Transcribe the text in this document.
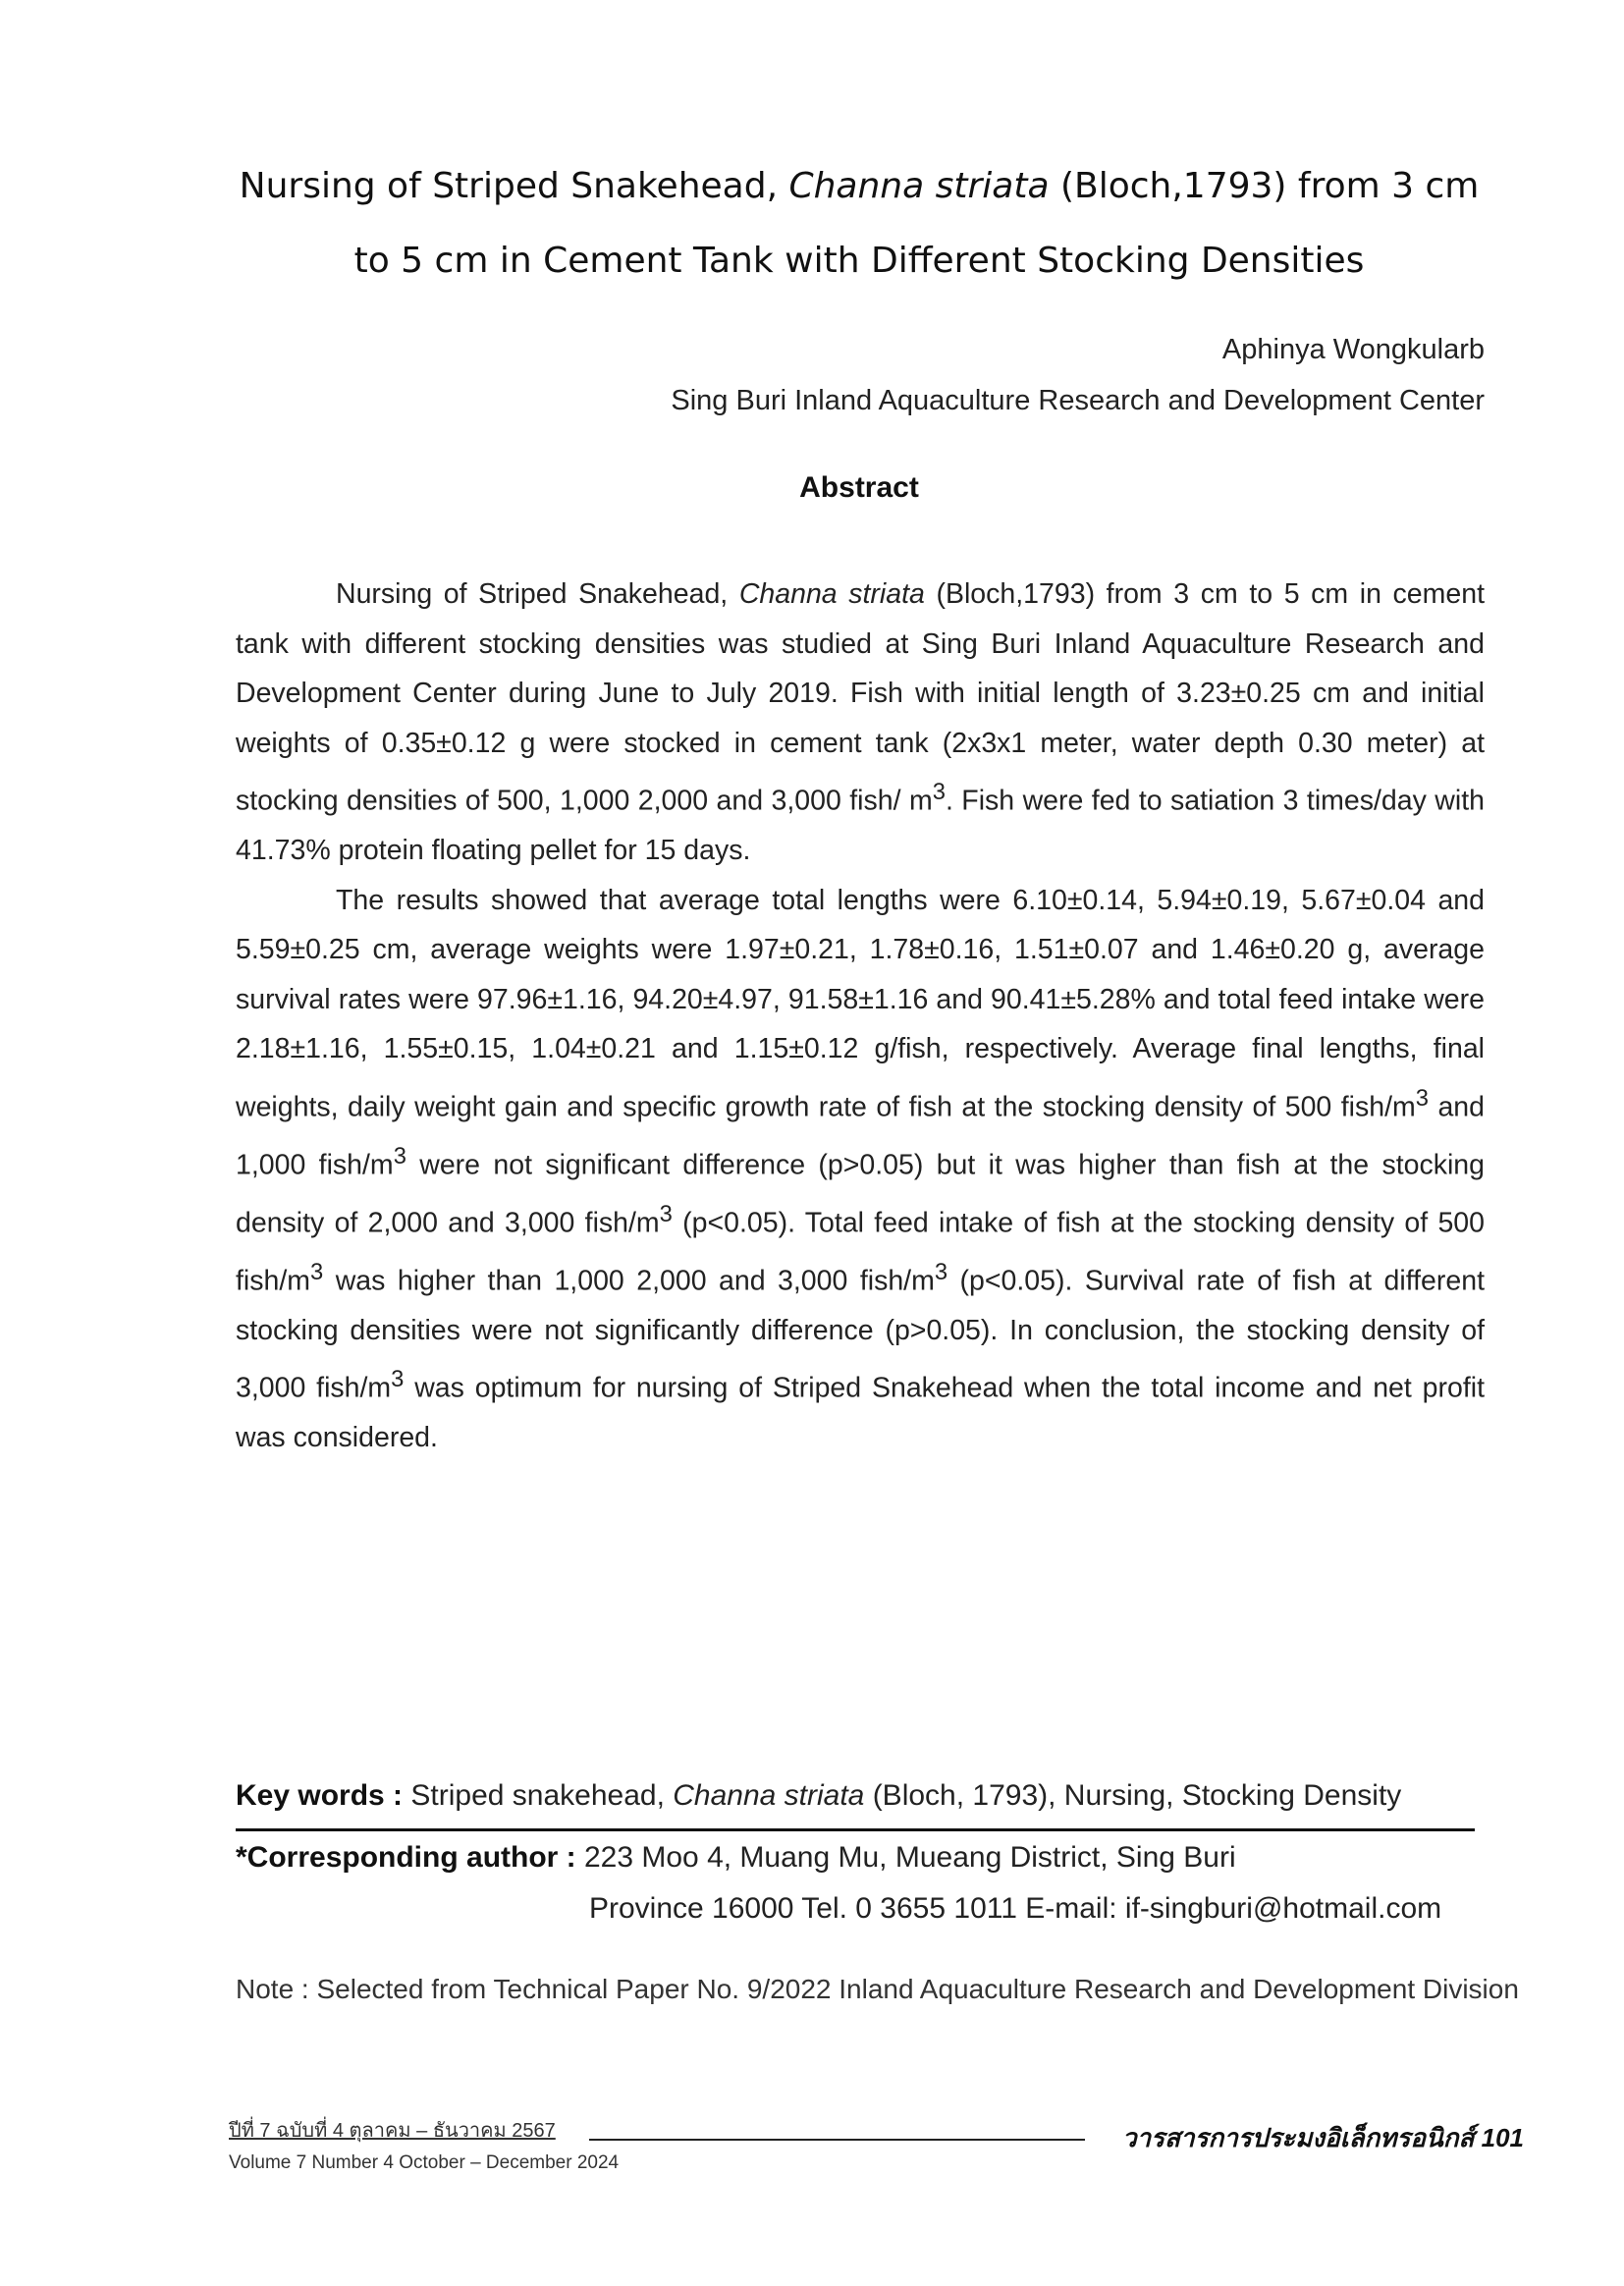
Nursing of Striped Snakehead, Channa striata (Bloch,1793) from 3 cm
to 5 cm in Cement Tank with Different Stocking Densities
Aphinya Wongkularb
Sing Buri Inland Aquaculture Research and Development Center
Abstract

Nursing of Striped Snakehead, Channa striata (Bloch,1793) from 3 cm to 5 cm in cement tank with different stocking densities was studied at Sing Buri Inland Aquaculture Research and Development Center during June to July 2019. Fish with initial length of 3.23±0.25 cm and initial weights of 0.35±0.12 g were stocked in cement tank (2x3x1 meter, water depth 0.30 meter) at stocking densities of 500, 1,000 2,000 and 3,000 fish/ $m^3$. Fish were fed to satiation 3 times/day with 41.73% protein floating pellet for 15 days.

The results showed that average total lengths were 6.10±0.14, 5.94±0.19, 5.67±0.04 and 5.59±0.25 cm, average weights were 1.97±0.21, 1.78±0.16, 1.51±0.07 and 1.46±0.20 g, average survival rates were 97.96±1.16, 94.20±4.97, 91.58±1.16 and 90.41±5.28% and total feed intake were 2.18±1.16, 1.55±0.15, 1.04±0.21 and 1.15±0.12 g/fish, respectively. Average final lengths, final weights, daily weight gain and specific growth rate of fish at the stocking density of 500 fish/$m^3$ and 1,000 fish/$m^3$ were not significant difference (p>0.05) but it was higher than fish at the stocking density of 2,000 and 3,000 fish/$m^3$ (p<0.05). Total feed intake of fish at the stocking density of 500 fish/$m^3$ was higher than 1,000 2,000 and 3,000 fish/$m^3$ (p<0.05). Survival rate of fish at different stocking densities were not significantly difference (p>0.05). In conclusion, the stocking density of 3,000 fish/$m^3$ was optimum for nursing of Striped Snakehead when the total income and net profit was considered.

Key words : Striped snakehead, Channa striata (Bloch, 1793), Nursing, Stocking Density
*Corresponding author : 223 Moo 4, Muang Mu, Mueang District, Sing Buri
Province 16000 Tel. 0 3655 1011 E-mail: if-singburi@hotmail.com
Note : Selected from Technical Paper No. 9/2022 Inland Aquaculture Research and Development Division
ปีที่ 7 ฉบับที่ 4 ตุลาคม – ธันวาคม 2567	วารสารการประมงอิเล็กทรอนิกส์ 101
Volume 7 Number 4 October – December 2024
